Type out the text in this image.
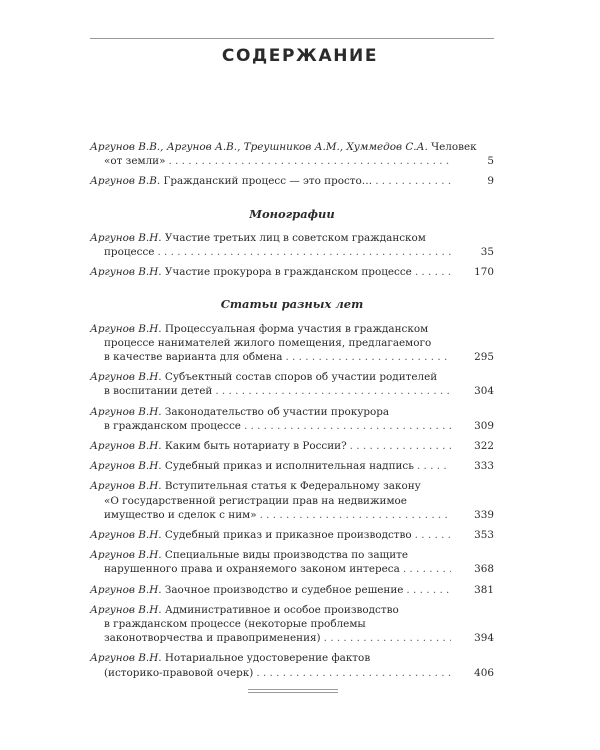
СОДЕРЖАНИЕ
Аргунов В.В., Аргунов А.В., Треушников А.М., Хуммедов С.А. Человек
«от земли» . . .	5
Аргунов В.В. Гражданский процесс — это просто… . . .	9
Монографии
Аргунов В.Н. Участие третьих лиц в советском гражданском
процессе . . .	35
Аргунов В.Н. Участие прокурора в гражданском процессе . . .	170
Статьи разных лет
Аргунов В.Н. Процессуальная форма участия в гражданском
процессе нанимателей жилого помещения, предлагаемого
в качестве варианта для обмена . . .	295
Аргунов В.Н. Субъектный состав споров об участии родителей
в воспитании детей . . .	304
Аргунов В.Н. Законодательство об участии прокурора
в гражданском процессе . . .	309
Аргунов В.Н. Каким быть нотариату в России? . . .	322
Аргунов В.Н. Судебный приказ и исполнительная надпись . . .	333
Аргунов В.Н. Вступительная статья к Федеральному закону
«О государственной регистрации прав на недвижимое
имущество и сделок с ним» . . .	339
Аргунов В.Н. Судебный приказ и приказное производство . . .	353
Аргунов В.Н. Специальные виды производства по защите
нарушенного права и охраняемого законом интереса . . .	368
Аргунов В.Н. Заочное производство и судебное решение . . .	381
Аргунов В.Н. Административное и особое производство
в гражданском процессе (некоторые проблемы
законотворчества и правоприменения) . . .	394
Аргунов В.Н. Нотариальное удостоверение фактов
(историко-правовой очерк) . . .	406
